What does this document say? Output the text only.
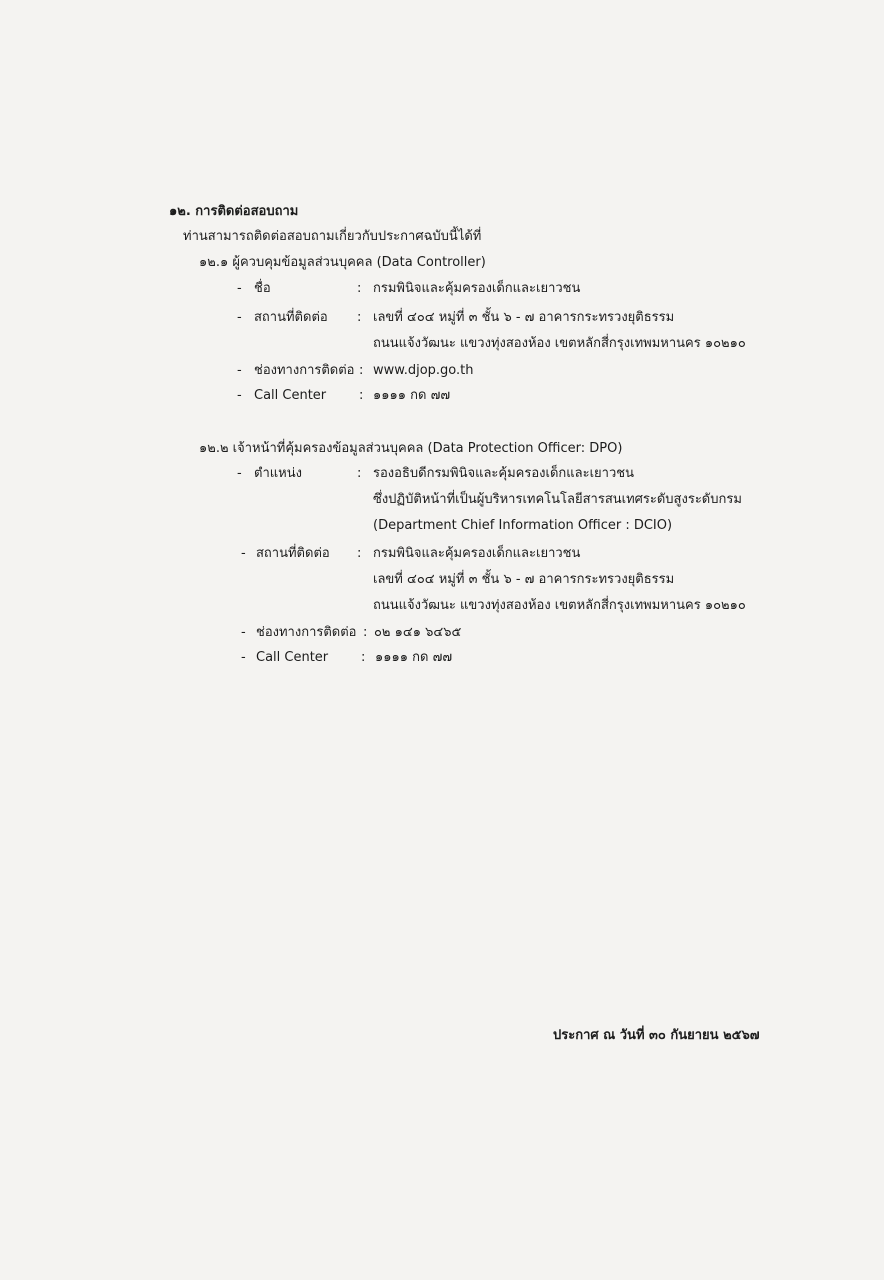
๑๒. การติดต่อสอบถาม
ท่านสามารถติดต่อสอบถามเกี่ยวกับประกาศฉบับนี้ได้ที่
๑๒.๑ ผู้ควบคุมข้อมูลส่วนบุคคล (Data Controller)
- ชื่อ	: กรมพินิจและคุ้มครองเด็กและเยาวชน
- สถานที่ติดต่อ : เลขที่ ๔๐๔ หมู่ที่ ๓ ชั้น ๖ - ๗ อาคารกระทรวงยุติธรรม
ถนนแจ้งวัฒนะ แขวงทุ่งสองห้อง เขตหลักสี่กรุงเทพมหานคร ๑๐๒๑๐
- ช่องทางการติดต่อ : www.djop.go.th
- Call Center	: ๑๑๑๑ กด ๗๗
๑๒.๒ เจ้าหน้าที่คุ้มครองข้อมูลส่วนบุคคล (Data Protection Officer: DPO)
- ตำแหน่ง	: รองอธิบดีกรมพินิจและคุ้มครองเด็กและเยาวชน
ซึ่งปฏิบัติหน้าที่เป็นผู้บริหารเทคโนโลยีสารสนเทศระดับสูงระดับกรม
(Department Chief Information Officer : DCIO)
- สถานที่ติดต่อ : กรมพินิจและคุ้มครองเด็กและเยาวชน
เลขที่ ๔๐๔ หมู่ที่ ๓ ชั้น ๖ - ๗ อาคารกระทรวงยุติธรรม
ถนนแจ้งวัฒนะ แขวงทุ่งสองห้อง เขตหลักสี่กรุงเทพมหานคร ๑๐๒๑๐
- ช่องทางการติดต่อ : ๐๒ ๑๔๑ ๖๔๖๕
- Call Center	: ๑๑๑๑ กด ๗๗
ประกาศ ณ วันที่ ๓๐ กันยายน ๒๕๖๗
